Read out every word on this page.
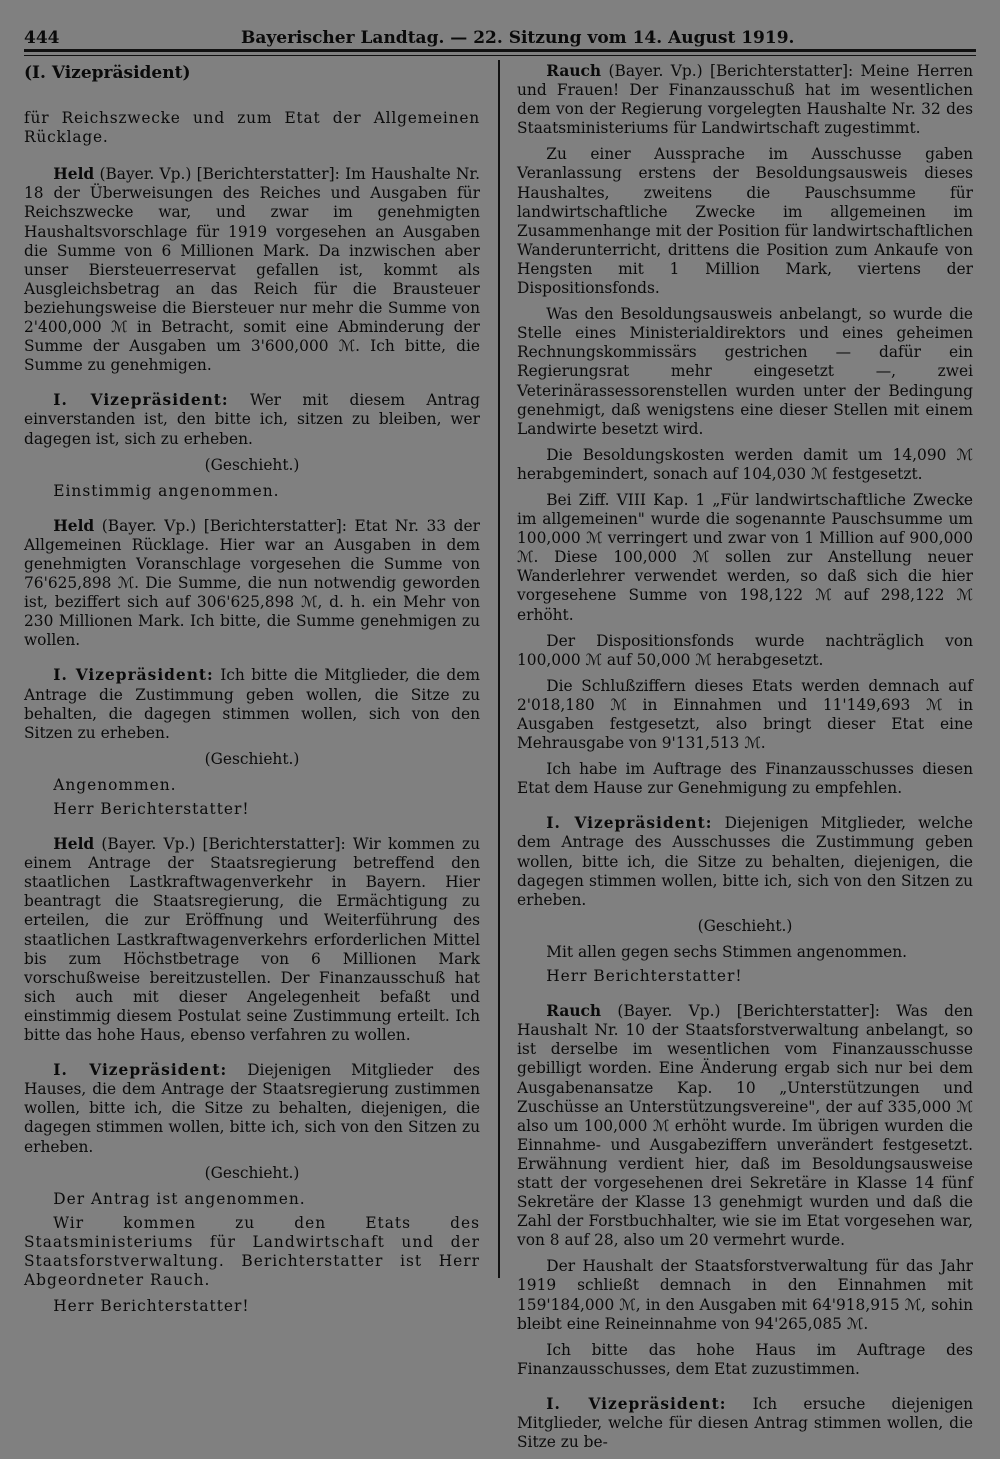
444	Bayerischer Landtag. — 22. Sitzung vom 14. August 1919.

(I. Vizepräsident)

für Reichszwecke und zum Etat der Allgemeinen Rücklage.

Held (Bayer. Vp.) [Berichterstatter]: Im Haushalte Nr. 18 der Überweisungen des Reiches und Ausgaben für Reichszwecke war, und zwar im genehmigten Haushaltsvorschlage für 1919 vorgesehen an Ausgaben die Summe von 6 Millionen Mark. Da inzwischen aber unser Biersteuerreservat gefallen ist, kommt als Ausgleichsbetrag an das Reich für die Brausteuer beziehungsweise die Biersteuer nur mehr die Summe von 2'400,000 ℳ in Betracht, somit eine Abminderung der Summe der Ausgaben um 3'600,000 ℳ. Ich bitte, die Summe zu genehmigen.

I. Vizepräsident: Wer mit diesem Antrag einverstanden ist, den bitte ich, sitzen zu bleiben, wer dagegen ist, sich zu erheben.

(Geschieht.)

Einstimmig angenommen.

Held (Bayer. Vp.) [Berichterstatter]: Etat Nr. 33 der Allgemeinen Rücklage. Hier war an Ausgaben in dem genehmigten Voranschlage vorgesehen die Summe von 76'625,898 ℳ. Die Summe, die nun notwendig geworden ist, beziffert sich auf 306'625,898 ℳ, d. h. ein Mehr von 230 Millionen Mark. Ich bitte, die Summe genehmigen zu wollen.

I. Vizepräsident: Ich bitte die Mitglieder, die dem Antrage die Zustimmung geben wollen, die Sitze zu behalten, die dagegen stimmen wollen, sich von den Sitzen zu erheben.

(Geschieht.)

Angenommen.

Herr Berichterstatter!

Held (Bayer. Vp.) [Berichterstatter]: Wir kommen zu einem Antrage der Staatsregierung betreffend den staatlichen Lastkraftwagenverkehr in Bayern. Hier beantragt die Staatsregierung, die Ermächtigung zu erteilen, die zur Eröffnung und Weiterführung des staatlichen Lastkraftwagenverkehrs erforderlichen Mittel bis zum Höchstbetrage von 6 Millionen Mark vorschußweise bereitzustellen. Der Finanzausschuß hat sich auch mit dieser Angelegenheit befaßt und einstimmig diesem Postulat seine Zustimmung erteilt. Ich bitte das hohe Haus, ebenso verfahren zu wollen.

I. Vizepräsident: Diejenigen Mitglieder des Hauses, die dem Antrage der Staatsregierung zustimmen wollen, bitte ich, die Sitze zu behalten, diejenigen, die dagegen stimmen wollen, bitte ich, sich von den Sitzen zu erheben.

(Geschieht.)

Der Antrag ist angenommen.

Wir kommen zu den Etats des Staatsministeriums für Landwirtschaft und der Staatsforstverwaltung. Berichterstatter ist Herr Abgeordneter Rauch.

Herr Berichterstatter!

Rauch (Bayer. Vp.) [Berichterstatter]: Meine Herren und Frauen! Der Finanzausschuß hat im wesentlichen dem von der Regierung vorgelegten Haushalte Nr. 32 des Staatsministeriums für Landwirtschaft zugestimmt.

Zu einer Aussprache im Ausschusse gaben Veranlassung erstens der Besoldungsausweis dieses Haushaltes, zweitens die Pauschsumme für landwirtschaftliche Zwecke im allgemeinen im Zusammenhange mit der Position für landwirtschaftlichen Wanderunterricht, drittens die Position zum Ankaufe von Hengsten mit 1 Million Mark, viertens der Dispositionsfonds.

Was den Besoldungsausweis anbelangt, so wurde die Stelle eines Ministerialdirektors und eines geheimen Rechnungskommissärs gestrichen — dafür ein Regierungsrat mehr eingesetzt —, zwei Veterinärassessorenstellen wurden unter der Bedingung genehmigt, daß wenigstens eine dieser Stellen mit einem Landwirte besetzt wird.

Die Besoldungskosten werden damit um 14,090 ℳ herabgemindert, sonach auf 104,030 ℳ festgesetzt.

Bei Ziff. VIII Kap. 1 „Für landwirtschaftliche Zwecke im allgemeinen" wurde die sogenannte Pauschsumme um 100,000 ℳ verringert und zwar von 1 Million auf 900,000 ℳ. Diese 100,000 ℳ sollen zur Anstellung neuer Wanderlehrer verwendet werden, so daß sich die hier vorgesehene Summe von 198,122 ℳ auf 298,122 ℳ erhöht.

Der Dispositionsfonds wurde nachträglich von 100,000 ℳ auf 50,000 ℳ herabgesetzt.

Die Schlußziffern dieses Etats werden demnach auf 2'018,180 ℳ in Einnahmen und 11'149,693 ℳ in Ausgaben festgesetzt, also bringt dieser Etat eine Mehrausgabe von 9'131,513 ℳ.

Ich habe im Auftrage des Finanzausschusses diesen Etat dem Hause zur Genehmigung zu empfehlen.

I. Vizepräsident: Diejenigen Mitglieder, welche dem Antrage des Ausschusses die Zustimmung geben wollen, bitte ich, die Sitze zu behalten, diejenigen, die dagegen stimmen wollen, bitte ich, sich von den Sitzen zu erheben.

(Geschieht.)

Mit allen gegen sechs Stimmen angenommen.

Herr Berichterstatter!

Rauch (Bayer. Vp.) [Berichterstatter]: Was den Haushalt Nr. 10 der Staatsforstverwaltung anbelangt, so ist derselbe im wesentlichen vom Finanzausschusse gebilligt worden. Eine Änderung ergab sich nur bei dem Ausgabenansatze Kap. 10 „Unterstützungen und Zuschüsse an Unterstützungsvereine", der auf 335,000 ℳ also um 100,000 ℳ erhöht wurde. Im übrigen wurden die Einnahme- und Ausgabeziffern unverändert festgesetzt. Erwähnung verdient hier, daß im Besoldungsausweise statt der vorgesehenen drei Sekretäre in Klasse 14 fünf Sekretäre der Klasse 13 genehmigt wurden und daß die Zahl der Forstbuchhalter, wie sie im Etat vorgesehen war, von 8 auf 28, also um 20 vermehrt wurde.

Der Haushalt der Staatsforstverwaltung für das Jahr 1919 schließt demnach in den Einnahmen mit 159'184,000 ℳ, in den Ausgaben mit 64'918,915 ℳ, sohin bleibt eine Reineinnahme von 94'265,085 ℳ.

Ich bitte das hohe Haus im Auftrage des Finanzausschusses, dem Etat zuzustimmen.

I. Vizepräsident: Ich ersuche diejenigen Mitglieder, welche für diesen Antrag stimmen wollen, die Sitze zu be-
